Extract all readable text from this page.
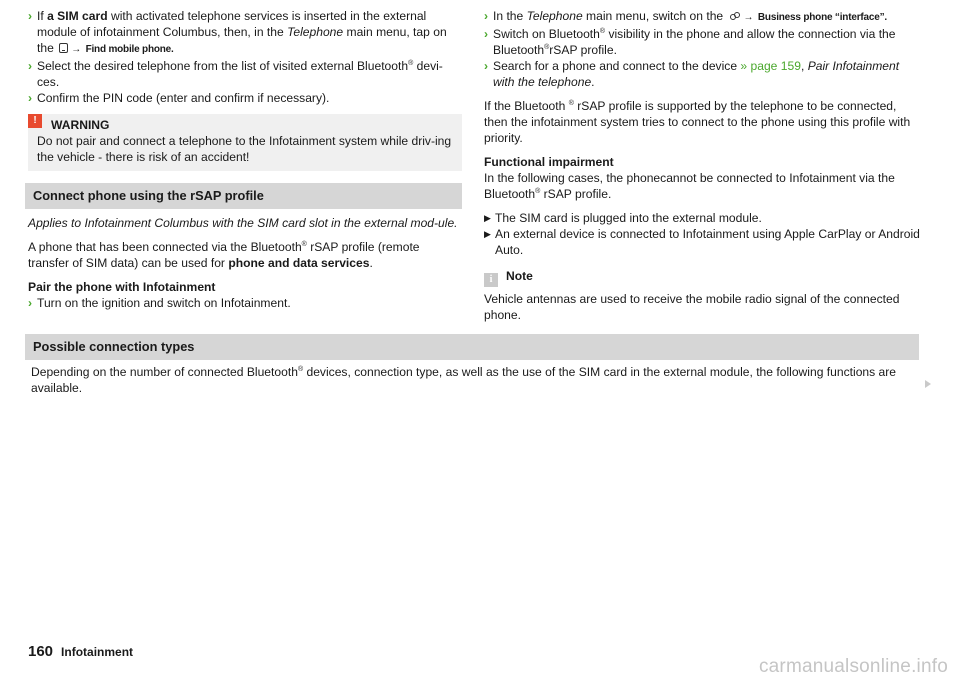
› If a SIM card with activated telephone services is inserted in the external module of infotainment Columbus, then, in the Telephone main menu, tap on the → Find mobile phone.

› Select the desired telephone from the list of visited external Bluetooth® devi-ces.

› Confirm the PIN code (enter and confirm if necessary).

!	WARNING

Do not pair and connect a telephone to the Infotainment system while driv-ing the vehicle - there is risk of an accident!

Connect phone using the rSAP profile

Applies to Infotainment Columbus with the SIM card slot in the external mod-ule.

A phone that has been connected via the Bluetooth® rSAP profile (remote transfer of SIM data) can be used for phone and data services.

Pair the phone with Infotainment

› Turn on the ignition and switch on Infotainment.

› In the Telephone main menu, switch on the → Business phone “interface”.

› Switch on Bluetooth® visibility in the phone and allow the connection via the Bluetooth®rSAP profile.

› Search for a phone and connect to the device » page 159, Pair Infotainment with the telephone.

If the Bluetooth ® rSAP profile is supported by the telephone to be connected, then the infotainment system tries to connect to the phone using this profile with priority.

Functional impairment

In the following cases, the phonecannot be connected to Infotainment via the Bluetooth® rSAP profile.

▶ The SIM card is plugged into the external module.

▶ An external device is connected to Infotainment using Apple CarPlay or Android Auto.

i Note

Vehicle antennas are used to receive the mobile radio signal of the connected phone.

Possible connection types

Depending on the number of connected Bluetooth® devices, connection type, as well as the use of the SIM card in the external module, the following functions are available.

160 Infotainment
carmanualsonline.info
